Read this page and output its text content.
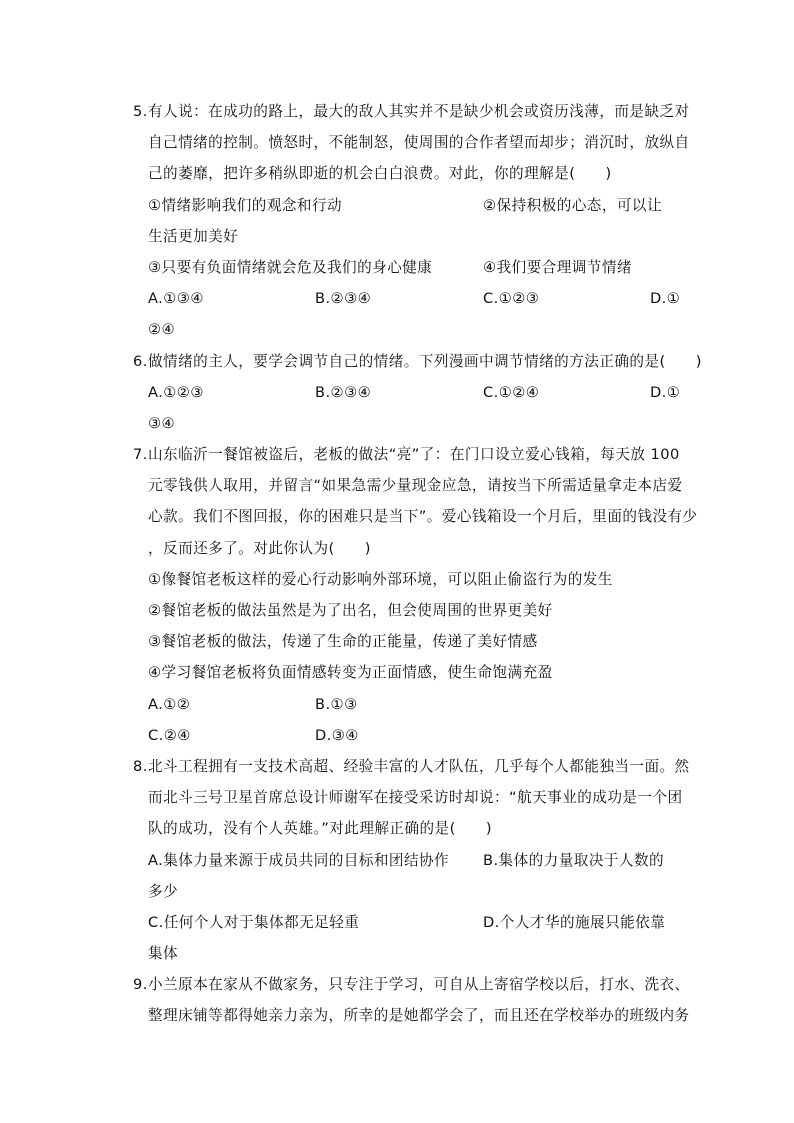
5. 有人说：在成功的路上，最大的敌人其实并不是缺少机会或资历浅薄，而是缺乏对
自己情绪的控制。愤怒时，不能制怒，使周围的合作者望而却步；消沉时，放纵自
己的萎靡，把许多稍纵即逝的机会白白浪费。对此，你的理解是(　　)
①情绪影响我们的观念和行动	②保持积极的心态，可以让
生活更加美好
③只要有负面情绪就会危及我们的身心健康	④我们要合理调节情绪
A.①③④	B.②③④	C.①②③	D.①
②④
6. 做情绪的主人，要学会调节自己的情绪。下列漫画中调节情绪的方法正确的是(　　)
A.①②③	B.②③④	C.①②④	D.①
③④
7. 山东临沂一餐馆被盗后，老板的做法“亮”了：在门口设立爱心钱箱，每天放 100
元零钱供人取用，并留言“如果急需少量现金应急，请按当下所需适量拿走本店爱
心款。我们不图回报，你的困难只是当下”。爱心钱箱设一个月后，里面的钱没有少
，反而还多了。对此你认为(　　)
①像餐馆老板这样的爱心行动影响外部环境，可以阻止偷盗行为的发生
②餐馆老板的做法虽然是为了出名，但会使周围的世界更美好
③餐馆老板的做法，传递了生命的正能量，传递了美好情感
④学习餐馆老板将负面情感转变为正面情感，使生命饱满充盈
A.①②	B.①③
C.②④	D.③④
8. 北斗工程拥有一支技术高超、经验丰富的人才队伍，几乎每个人都能独当一面。然
而北斗三号卫星首席总设计师谢军在接受采访时却说：“航天事业的成功是一个团
队的成功，没有个人英雄。”对此理解正确的是(　　)
A.集体力量来源于成员共同的目标和团结协作 B.集体的力量取决于人数的
多少
C.任何个人对于集体都无足轻重	D.个人才华的施展只能依靠
集体
9. 小兰原本在家从不做家务，只专注于学习，可自从上寄宿学校以后，打水、洗衣、
整理床铺等都得她亲力亲为，所幸的是她都学会了，而且还在学校举办的班级内务
